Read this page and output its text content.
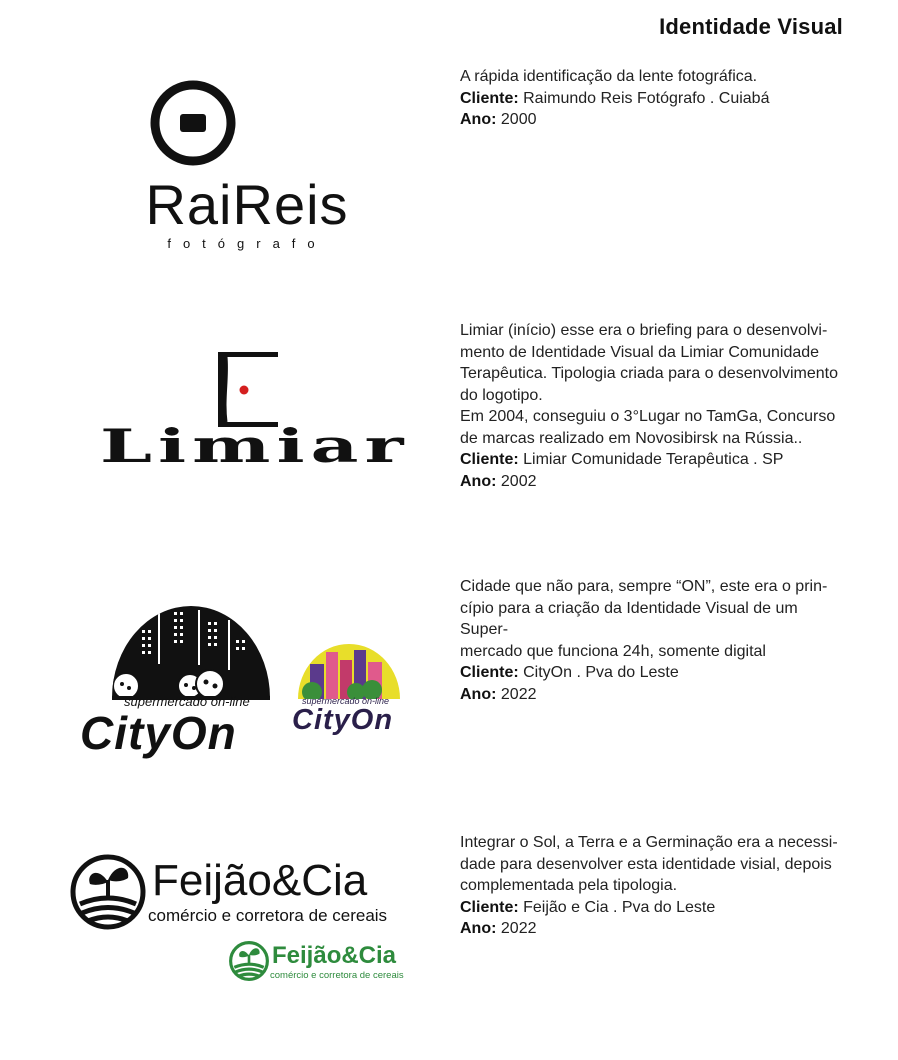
Identidade Visual
RaiReis
fotógrafo

A rápida identificação da lente fotográfica.

Cliente: Raimundo Reis Fotógrafo . Cuiabá

Ano: 2000

Limiar

Limiar (início) esse era o briefing para o desenvolvi-

mento de Identidade Visual da Limiar Comunidade

Terapêutica. Tipologia criada para o desenvolvimento

do logotipo.

Em 2004, conseguiu o 3°Lugar no TamGa, Concurso

de marcas realizado em Novosibirsk na Rússia..

Cliente: Limiar Comunidade Terapêutica . SP

Ano: 2002

supermercado on-line
CityOn
supermercado on-line
CityOn

Cidade que não para, sempre “ON”, este era o prin-

cípio para a criação da Identidade Visual de um Super-

mercado que funciona 24h, somente digital

Cliente: CityOn . Pva do Leste

Ano: 2022

Feijão&Cia
comércio e corretora de cereais
Feijão&Cia
comércio e corretora de cereais

Integrar o Sol, a Terra e a Germinação era a necessi-

dade para desenvolver esta identidade visial, depois

complementada pela tipologia.

Cliente: Feijão e Cia . Pva do Leste

Ano: 2022
